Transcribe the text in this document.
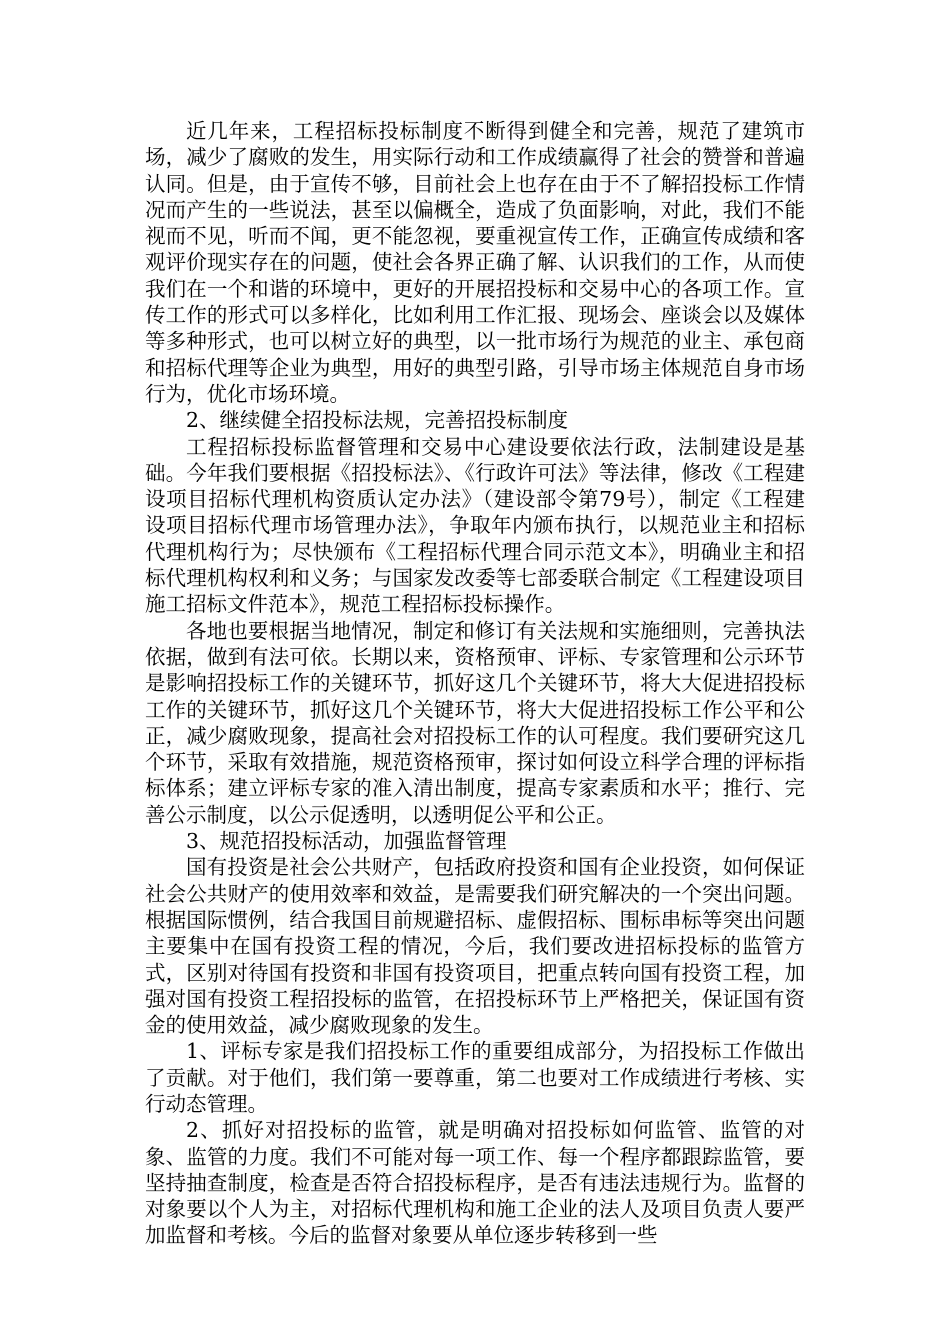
近几年来，工程招标投标制度不断得到健全和完善，规范了建筑市场，减少了腐败的发生，用实际行动和工作成绩赢得了社会的赞誉和普遍认同。但是，由于宣传不够，目前社会上也存在由于不了解招投标工作情况而产生的一些说法，甚至以偏概全，造成了负面影响，对此，我们不能视而不见，听而不闻，更不能忽视，要重视宣传工作，正确宣传成绩和客观评价现实存在的问题，使社会各界正确了解、认识我们的工作，从而使我们在一个和谐的环境中，更好的开展招投标和交易中心的各项工作。宣传工作的形式可以多样化，比如利用工作汇报、现场会、座谈会以及媒体等多种形式，也可以树立好的典型，以一批市场行为规范的业主、承包商和招标代理等企业为典型，用好的典型引路，引导市场主体规范自身市场行为，优化市场环境。

2、继续健全招投标法规，完善招投标制度

工程招标投标监督管理和交易中心建设要依法行政，法制建设是基础。今年我们要根据《招投标法》、《行政许可法》等法律，修改《工程建设项目招标代理机构资质认定办法》（建设部令第79号），制定《工程建设项目招标代理市场管理办法》，争取年内颁布执行，以规范业主和招标代理机构行为；尽快颁布《工程招标代理合同示范文本》，明确业主和招标代理机构权利和义务；与国家发改委等七部委联合制定《工程建设项目施工招标文件范本》，规范工程招标投标操作。

各地也要根据当地情况，制定和修订有关法规和实施细则，完善执法依据，做到有法可依。长期以来，资格预审、评标、专家管理和公示环节是影响招投标工作的关键环节，抓好这几个关键环节，将大大促进招投标工作的关键环节，抓好这几个关键环节，将大大促进招投标工作公平和公正，减少腐败现象，提高社会对招投标工作的认可程度。我们要研究这几个环节，采取有效措施，规范资格预审，探讨如何设立科学合理的评标指标体系；建立评标专家的准入清出制度，提高专家素质和水平；推行、完善公示制度，以公示促透明，以透明促公平和公正。

3、规范招投标活动，加强监督管理

国有投资是社会公共财产，包括政府投资和国有企业投资，如何保证社会公共财产的使用效率和效益，是需要我们研究解决的一个突出问题。根据国际惯例，结合我国目前规避招标、虚假招标、围标串标等突出问题主要集中在国有投资工程的情况，今后，我们要改进招标投标的监管方式，区别对待国有投资和非国有投资项目，把重点转向国有投资工程，加强对国有投资工程招投标的监管，在招投标环节上严格把关，保证国有资金的使用效益，减少腐败现象的发生。

1、评标专家是我们招投标工作的重要组成部分，为招投标工作做出了贡献。对于他们，我们第一要尊重，第二也要对工作成绩进行考核、实行动态管理。

2、抓好对招投标的监管，就是明确对招投标如何监管、监管的对象、监管的力度。我们不可能对每一项工作、每一个程序都跟踪监管，要坚持抽查制度，检查是否符合招投标程序，是否有违法违规行为。监督的对象要以个人为主，对招标代理机构和施工企业的法人及项目负责人要严加监督和考核。今后的监督对象要从单位逐步转移到一些
